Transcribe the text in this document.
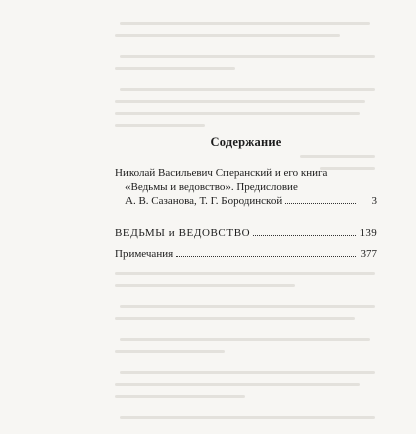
Содержание
Николай Васильевич Сперанский и его книга
«Ведьмы и ведовство». Предисловие
А. В. Сазанова, Т. Г. Бородинской	3
ВЕДЬМЫ и ВЕДОВСТВО	139
Примечания	377
